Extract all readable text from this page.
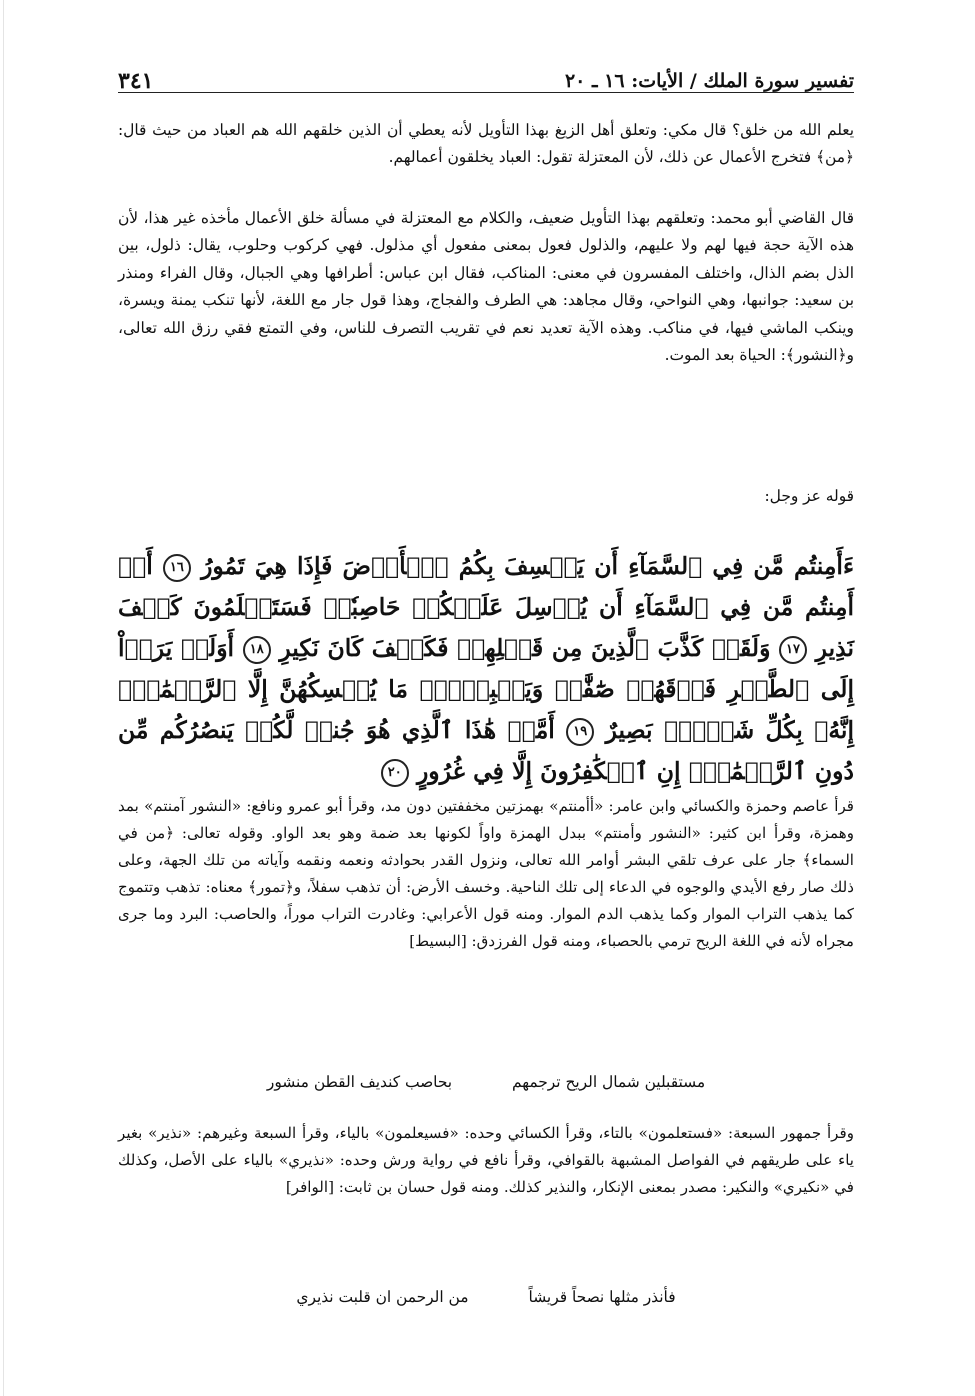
تفسير سورة الملك / الأيات: ١٦ ـ ٢٠
٣٤١
يعلم الله من خلق؟ قال مكي: وتعلق أهل الزيغ بهذا التأويل لأنه يعطي أن الذين خلقهم الله هم العباد من حيث قال: ﴿من﴾ فتخرج الأعمال عن ذلك، لأن المعتزلة تقول: العباد يخلقون أعمالهم.
قال القاضي أبو محمد: وتعلقهم بهذا التأويل ضعيف، والكلام مع المعتزلة في مسألة خلق الأعمال مأخذه غير هذا، لأن هذه الآية حجة فيها لهم ولا عليهم، والذلول فعول بمعنى مفعول أي مذلول. فهي كركوب وحلوب، يقال: ذلول، بين الذل بضم الذال، واختلف المفسرون في معنى: المناكب، فقال ابن عباس: أطرافها وهي الجبال، وقال الفراء ومنذر بن سعيد: جوانبها، وهي النواحي، وقال مجاهد: هي الطرف والفجاج، وهذا قول جار مع اللغة، لأنها تنكب يمنة ويسرة، وينكب الماشي فيها، في مناكب. وهذه الآية تعديد نعم في تقريب التصرف للناس، وفي التمتع فقي رزق الله تعالى، و﴿النشور﴾: الحياة بعد الموت.
قوله عز وجل:
ءَأَمِنتُم مَّن فِي ٱلسَّمَآءِ أَن يَخۡسِفَ بِكُمُ ٱلۡأَرۡضَ فَإِذَا هِيَ تَمُورُ ١٦ أَمۡ أَمِنتُم مَّن فِي ٱلسَّمَآءِ أَن يُرۡسِلَ عَلَيۡكُمۡ حَاصِبٗاۖ فَسَتَعۡلَمُونَ كَيۡفَ نَذِيرِ ١٧ وَلَقَدۡ كَذَّبَ ٱلَّذِينَ مِن قَبۡلِهِمۡ فَكَيۡفَ كَانَ نَكِيرِ ١٨ أَوَلَمۡ يَرَوۡاْ إِلَى ٱلطَّيۡرِ فَوۡقَهُمۡ صَٰٓفَّٰتٖ وَيَقۡبِضۡنَۚ مَا يُمۡسِكُهُنَّ إِلَّا ٱلرَّحۡمَٰنُۚ إِنَّهُۥ بِكُلِّ شَيۡءِۭ بَصِيرٌ ١٩ أَمَّنۡ هَٰذَا ٱلَّذِي هُوَ جُندٞ لَّكُمۡ يَنصُرُكُم مِّن دُونِ ٱلرَّحۡمَٰنِۚ إِنِ ٱلۡكَٰفِرُونَ إِلَّا فِي غُرُورٍ ٢٠
قرأ عاصم وحمزة والكسائي وابن عامر: «أأمنتم» بهمزتين مخففتين دون مد، وقرأ أبو عمرو ونافع: «النشور آمنتم» بمد وهمزة، وقرأ ابن كثير: «النشور وأمنتم» ببدل الهمزة واواً لكونها بعد ضمة وهو بعد الواو. وقوله تعالى: ﴿من في السماء﴾ جار على عرف تلقي البشر أوامر الله تعالى، ونزول القدر بحوادثه ونعمه ونقمه وآياته من تلك الجهة، وعلى ذلك صار رفع الأيدي والوجوه في الدعاء إلى تلك الناحية. وخسف الأرض: أن تذهب سفلاً، و﴿تمور﴾ معناه: تذهب وتتموج كما يذهب التراب الموار وكما يذهب الدم الموار. ومنه قول الأعرابي: وغادرت التراب موراً، والحاصب: البرد وما جرى مجراه لأنه في اللغة الريح ترمي بالحصباء، ومنه قول الفرزدق: [البسيط]
مستقبلين شمال الريح ترجمهم
بحاصب كنديف القطن منشور
وقرأ جمهور السبعة: «فستعلمون» بالتاء، وقرأ الكسائي وحده: «فسيعلمون» بالياء، وقرأ السبعة وغيرهم: «نذير» بغير ياء على طريقهم في الفواصل المشبهة بالقوافي، وقرأ نافع في رواية ورش وحده: «نذيري» بالياء على الأصل، وكذلك في «نكيري» والنكير: مصدر بمعنى الإنكار، والنذير كذلك. ومنه قول حسان بن ثابت: [الوافر]
فأنذر مثلها نصحاً قريشاً
من الرحمن ان قلبت نذيري
